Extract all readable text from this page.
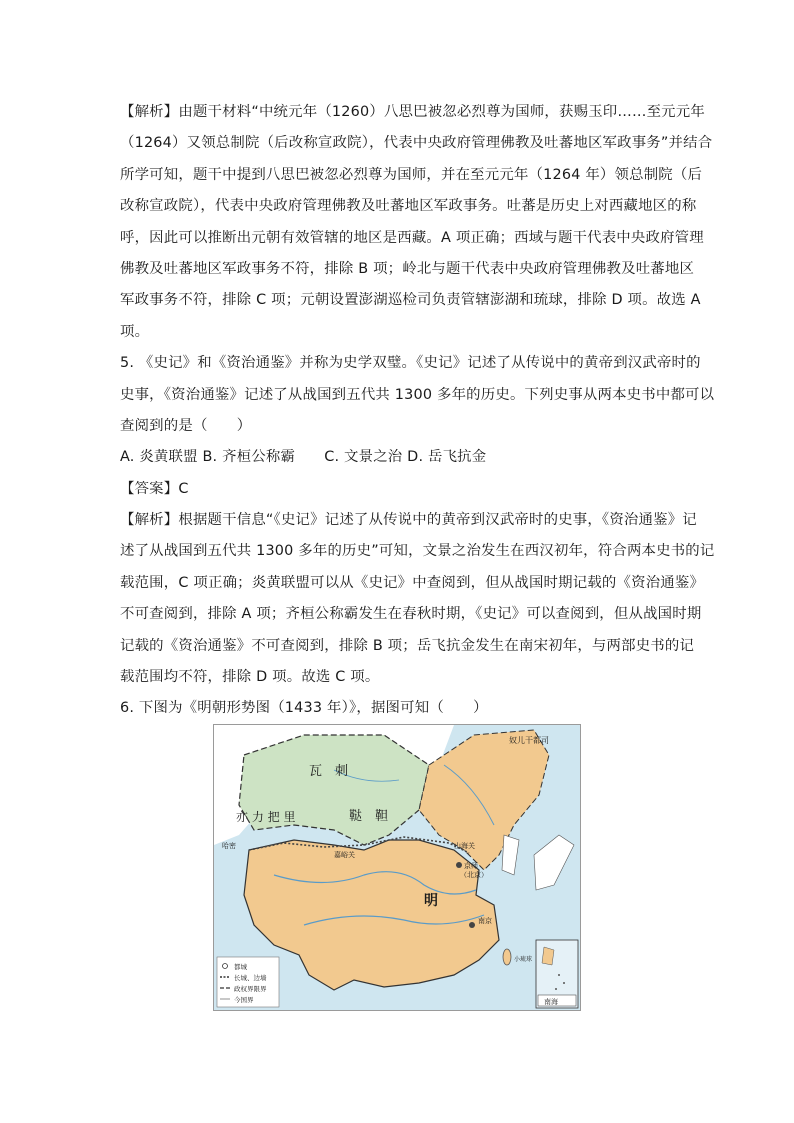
【解析】由题干材料“中统元年（1260）八思巴被忽必烈尊为国师，获赐玉印……至元元年
（1264）又领总制院（后改称宣政院），代表中央政府管理佛教及吐蕃地区军政事务”并结合
所学可知，题干中提到八思巴被忽必烈尊为国师，并在至元元年（1264 年）领总制院（后
改称宣政院），代表中央政府管理佛教及吐蕃地区军政事务。吐蕃是历史上对西藏地区的称
呼，因此可以推断出元朝有效管辖的地区是西藏。A 项正确；西域与题干代表中央政府管理
佛教及吐蕃地区军政事务不符，排除 B 项；岭北与题干代表中央政府管理佛教及吐蕃地区
军政事务不符，排除 C 项；元朝设置澎湖巡检司负责管辖澎湖和琉球，排除 D 项。故选 A
项。
5. 《史记》和《资治通鉴》并称为史学双璧。《史记》记述了从传说中的黄帝到汉武帝时的
史事，《资治通鉴》记述了从战国到五代共 1300 多年的历史。下列史事从两本史书中都可以
查阅到的是（　　）
A. 炎黄联盟 B. 齐桓公称霸　　C. 文景之治 D. 岳飞抗金
【答案】C
【解析】根据题干信息“《史记》记述了从传说中的黄帝到汉武帝时的史事，《资治通鉴》记
述了从战国到五代共 1300 多年的历史”可知，文景之治发生在西汉初年，符合两本史书的记
载范围，C 项正确；炎黄联盟可以从《史记》中查阅到，但从战国时期记载的《资治通鉴》
不可查阅到，排除 A 项；齐桓公称霸发生在春秋时期，《史记》可以查阅到，但从战国时期
记载的《资治通鉴》不可查阅到，排除 B 项；岳飞抗金发生在南宋初年，与两部史书的记
载范围均不符，排除 D 项。故选 C 项。
6. 下图为《明朝形势图（1433 年）》，据图可知（　　）
瓦　刺
鞑　靼
亦 力 把 里
奴儿干都司
明
嘉峪关
山海关
京师
（北京）
南京
小琉球
哈密
南海
都城
长城、边墙
政权界限界
今国界
